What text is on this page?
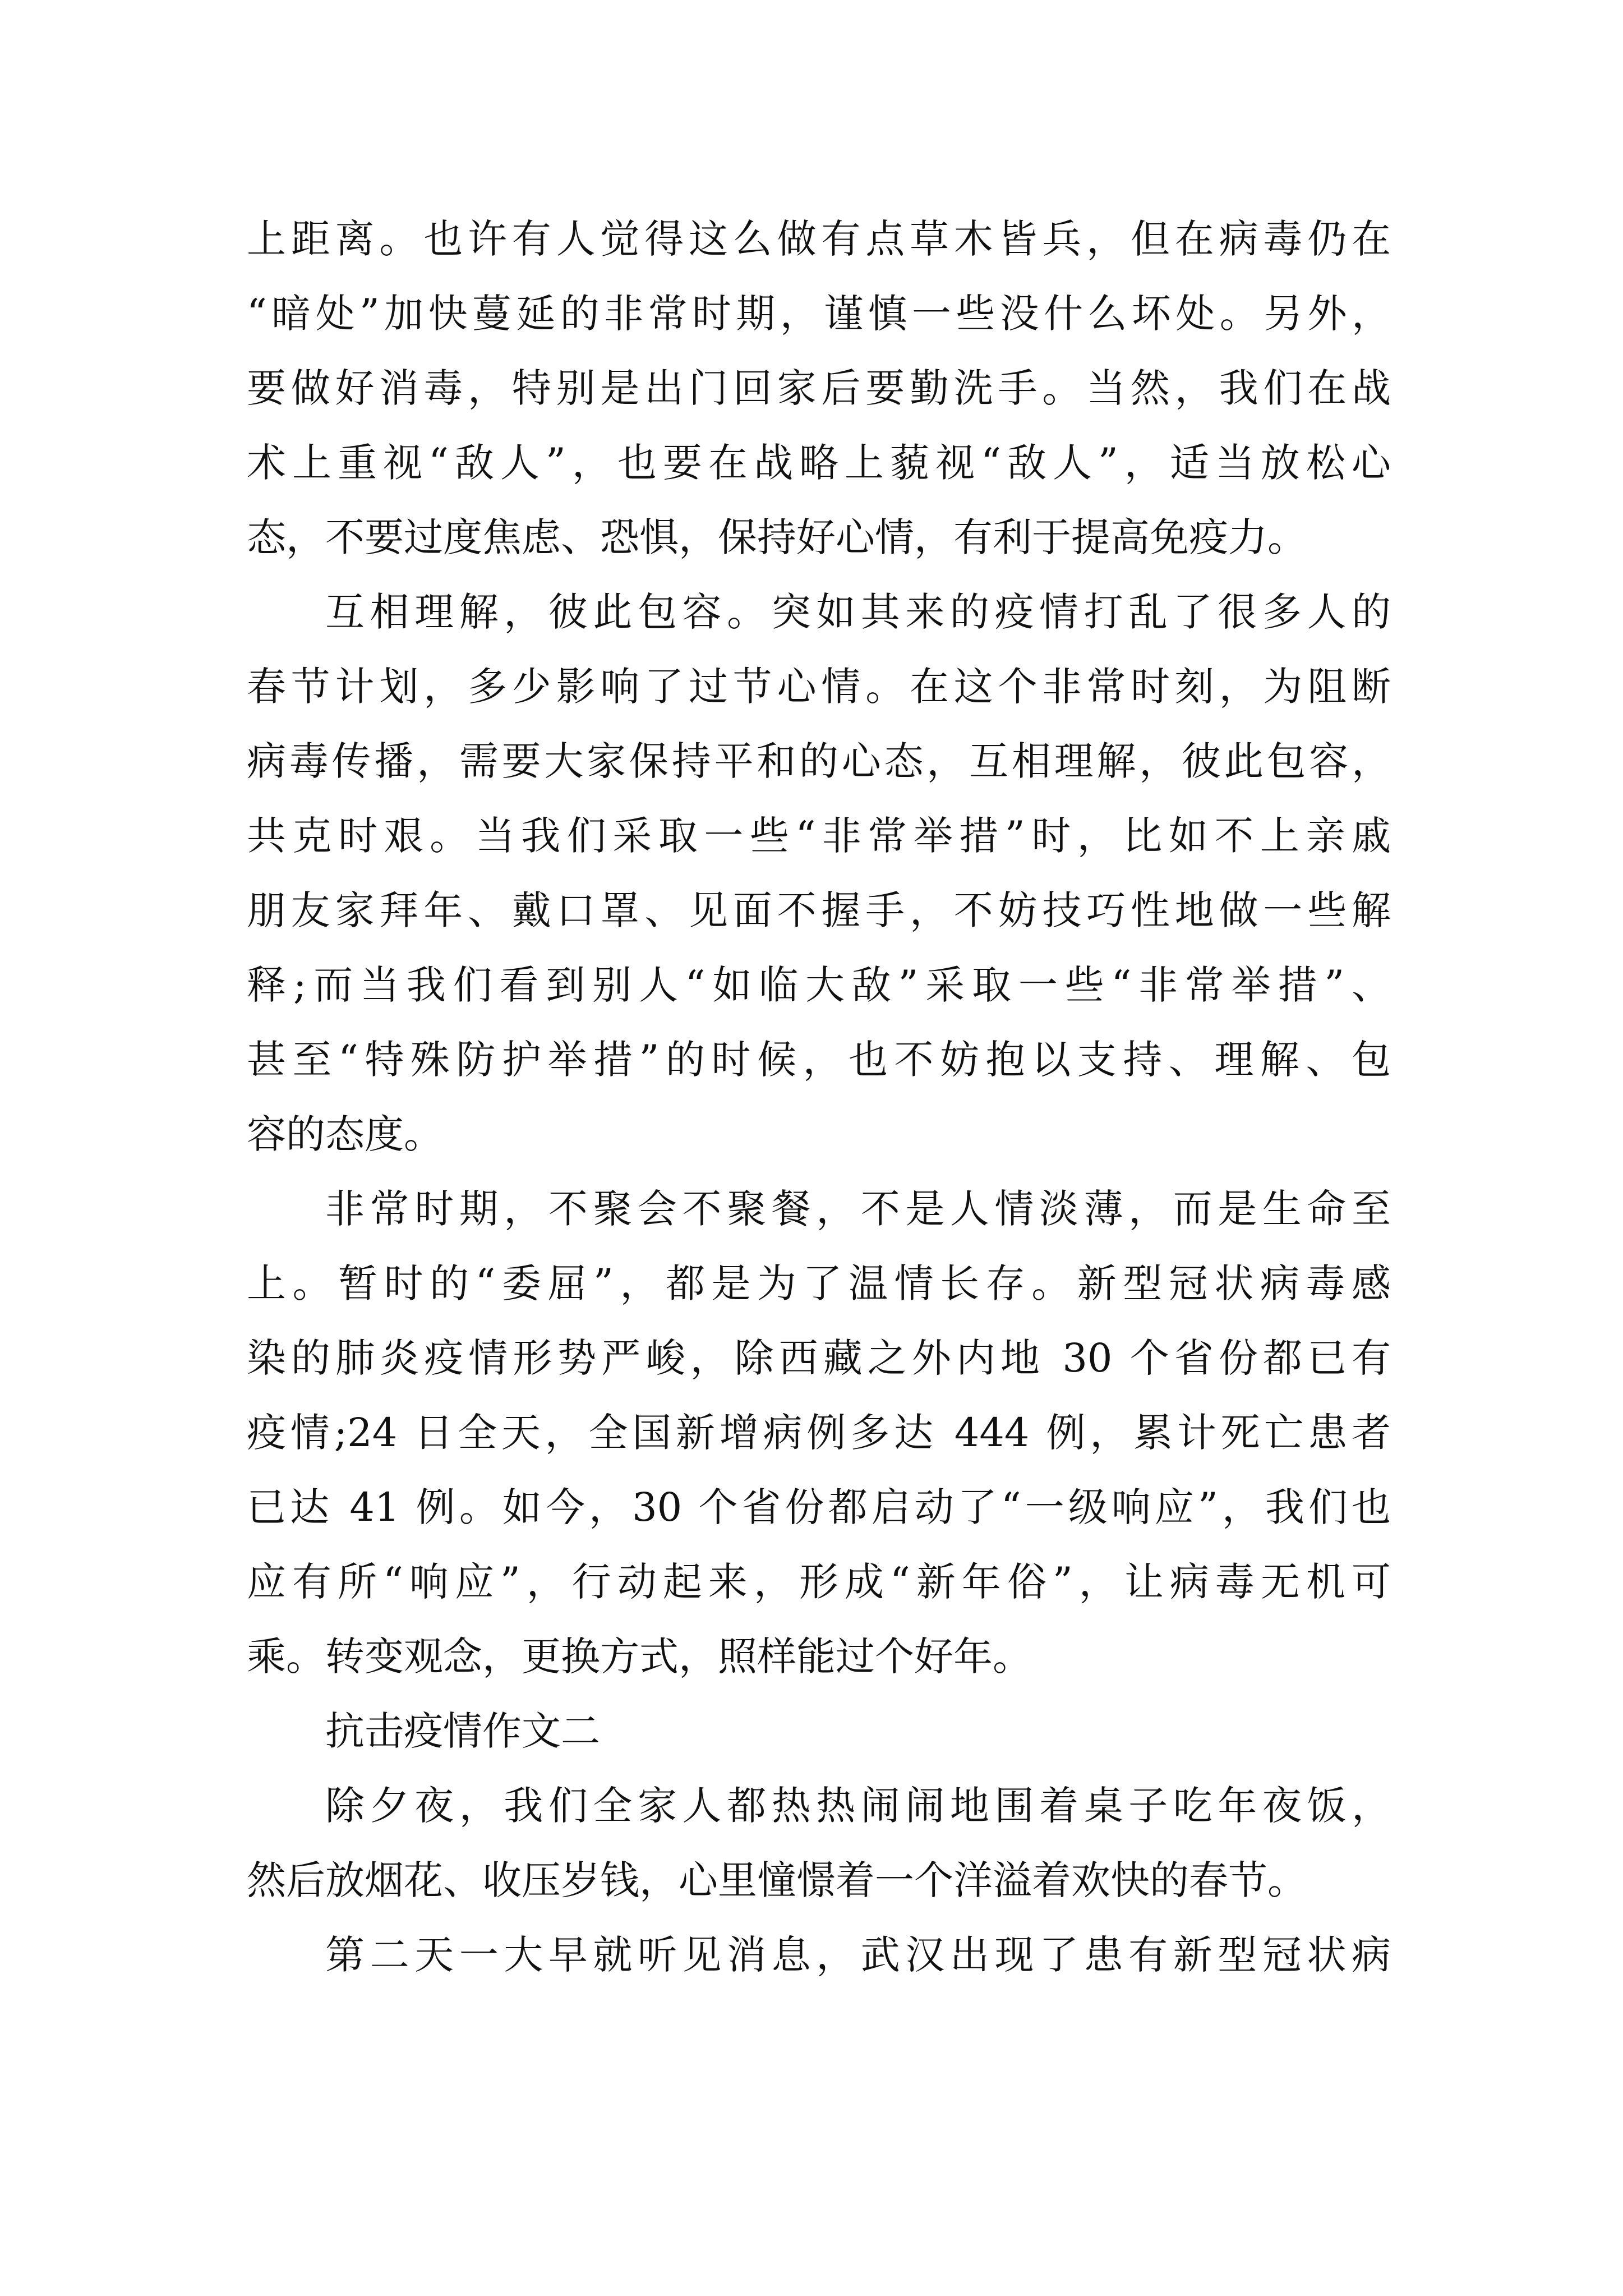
上距离。也许有人觉得这么做有点草木皆兵，但在病毒仍在
“暗处”加快蔓延的非常时期，谨慎一些没什么坏处。另外，
要做好消毒，特别是出门回家后要勤洗手。当然，我们在战
术上重视“敌人”，也要在战略上藐视“敌人”，适当放松心
态，不要过度焦虑、恐惧，保持好心情，有利于提高免疫力。
互相理解，彼此包容。突如其来的疫情打乱了很多人的
春节计划，多少影响了过节心情。在这个非常时刻，为阻断
病毒传播，需要大家保持平和的心态，互相理解，彼此包容，
共克时艰。当我们采取一些“非常举措”时，比如不上亲戚
朋友家拜年、戴口罩、见面不握手，不妨技巧性地做一些解
释;而当我们看到别人“如临大敌”采取一些“非常举措”、
甚至“特殊防护举措”的时候，也不妨抱以支持、理解、包
容的态度。
非常时期，不聚会不聚餐，不是人情淡薄，而是生命至
上。暂时的“委屈”，都是为了温情长存。新型冠状病毒感
染的肺炎疫情形势严峻，除西藏之外内地 30 个省份都已有
疫情;24 日全天，全国新增病例多达 444 例，累计死亡患者
已达 41 例。如今，30 个省份都启动了“一级响应”，我们也
应有所“响应”，行动起来，形成“新年俗”，让病毒无机可
乘。转变观念，更换方式，照样能过个好年。
抗击疫情作文二
除夕夜，我们全家人都热热闹闹地围着桌子吃年夜饭，
然后放烟花、收压岁钱，心里憧憬着一个洋溢着欢快的春节。
第二天一大早就听见消息，武汉出现了患有新型冠状病
